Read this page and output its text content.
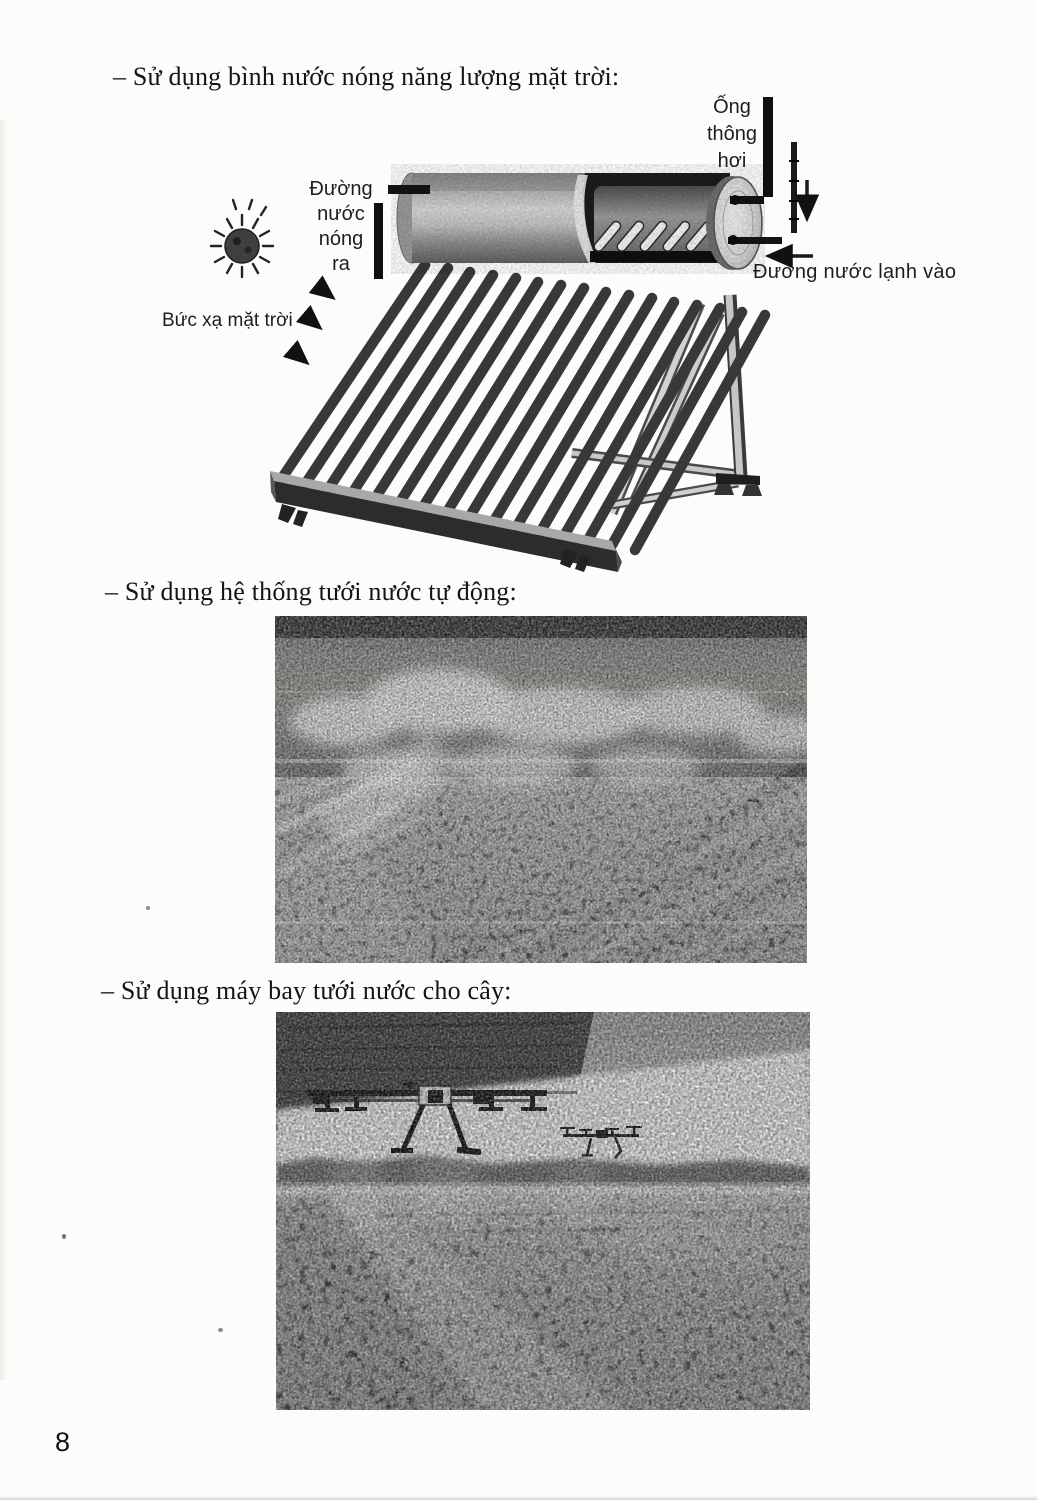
– Sử dụng bình nước nóng năng lượng mặt trời:
Ống
thông
hơi
Đường
nước
nóng
ra	Đường nước lạnh vào
Bức xạ mặt trời
– Sử dụng hệ thống tưới nước tự động:
– Sử dụng máy bay tưới nước cho cây:
8
